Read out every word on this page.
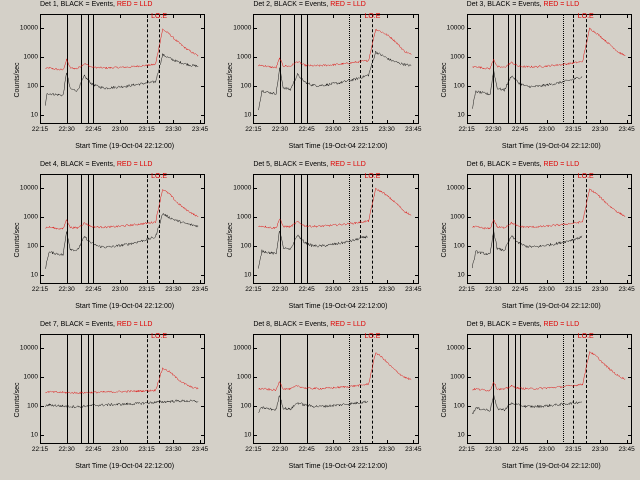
Det 1, BLACK = Events, RED = LLD
Counts/sec
Start Time (19-Oct-04 22:12:00)
10000
1000
100
10
22:15 22:30 22:45 23:00 23:15 23:30 23:45
LO.E
Det 2, BLACK = Events, RED = LLD
Counts/sec
Start Time (19-Oct-04 22:12:00)
10000
1000
100
10
22:15 22:30 22:45 23:00 23:15 23:30 23:45
LO.E
Det 3, BLACK = Events, RED = LLD
Counts/sec
Start Time (19-Oct-04 22:12:00)
10000
1000
100
10
22:15 22:30 22:45 23:00 23:15 23:30 23:45
LO.E
Det 4, BLACK = Events, RED = LLD
Counts/sec
Start Time (19-Oct-04 22:12:00)
10000
1000
100
10
22:15 22:30 22:45 23:00 23:15 23:30 23:45
LO.E
Det 5, BLACK = Events, RED = LLD
Counts/sec
Start Time (19-Oct-04 22:12:00)
10000
1000
100
10
22:15 22:30 22:45 23:00 23:15 23:30 23:45
LO.E
Det 6, BLACK = Events, RED = LLD
Counts/sec
Start Time (19-Oct-04 22:12:00)
10000
1000
100
10
22:15 22:30 22:45 23:00 23:15 23:30 23:45
LO.E
Det 7, BLACK = Events, RED = LLD
Counts/sec
Start Time (19-Oct-04 22:12:00)
10000
1000
100
10
22:15 22:30 22:45 23:00 23:15 23:30 23:45
LO.E
Det 8, BLACK = Events, RED = LLD
Counts/sec
Start Time (19-Oct-04 22:12:00)
10000
1000
100
10
22:15 22:30 22:45 23:00 23:15 23:30 23:45
LO.E
Det 9, BLACK = Events, RED = LLD
Counts/sec
Start Time (19-Oct-04 22:12:00)
10000
1000
100
10
22:15 22:30 22:45 23:00 23:15 23:30 23:45
LO.E
